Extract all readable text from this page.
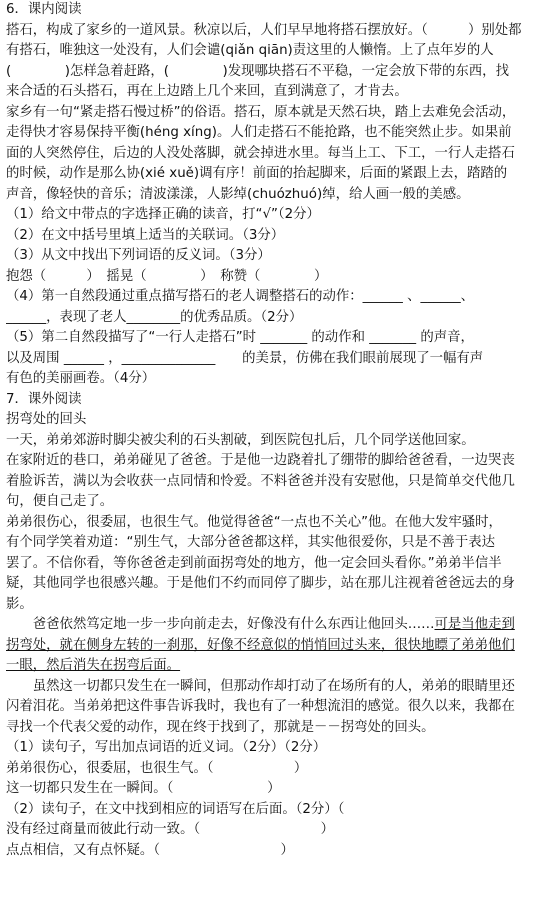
6．课内阅读
搭石，构成了家乡的一道风景。秋凉以后，人们早早地将搭石摆放好。（　　　）别处都
有搭石，唯独这一处没有，人们会谴(qiǎn qiān)责这里的人懒惰。上了点年岁的人
(　　　　)怎样急着赶路，(　　　　)发现哪块搭石不平稳，一定会放下带的东西，找
来合适的石头搭石，再在上边踏上几个来回，直到满意了，才肯去。
家乡有一句“紧走搭石慢过桥”的俗语。搭石，原本就是天然石块，踏上去难免会活动，
走得快才容易保持平衡(héng xíng)。人们走搭石不能抢路，也不能突然止步。如果前
面的人突然停住，后边的人没处落脚，就会掉进水里。每当上工、下工，一行人走搭石
的时候，动作是那么协(xié xuě)调有序！前面的抬起脚来，后面的紧跟上去，踏踏的
声音，像轻快的音乐；清波漾漾，人影绰(chuózhuó)绰，给人画一般的美感。
（1）给文中带点的字选择正确的读音，打“√”（2分）
（2）在文中括号里填上适当的关联词。（3分）
（3）从文中找出下列词语的反义词。（3分）
抱怨（　　　）　摇晃（　　　　）　称赞（　　　　）
（4）第一自然段通过重点描写搭石的老人调整搭石的动作：______ 、______、
______，表现了老人________的优秀品质。（2分）
（5）第二自然段描写了“一行人走搭石”时 _______ 的动作和 _______ 的声音，
以及周围 ______ ，______________　　的美景，仿佛在我们眼前展现了一幅有声
有色的美丽画卷。（4分）
7．课外阅读
拐弯处的回头
一天，弟弟郊游时脚尖被尖利的石头割破，到医院包扎后，几个同学送他回家。
在家附近的巷口，弟弟碰见了爸爸。于是他一边跷着扎了绷带的脚给爸爸看，一边哭丧
着脸诉苦，满以为会收获一点同情和怜爱。不料爸爸并没有安慰他，只是简单交代他几
句，便自己走了。
弟弟很伤心，很委屈，也很生气。他觉得爸爸“一点也不关心”他。在他大发牢骚时，
有个同学笑着劝道：“别生气，大部分爸爸都这样，其实他很爱你，只是不善于表达
罢了。不信你看，等你爸爸走到前面拐弯处的地方，他一定会回头看你。”弟弟半信半
疑，其他同学也很感兴趣。于是他们不约而同停了脚步，站在那儿注视着爸爸远去的身
影。
　　爸爸依然笃定地一步一步向前走去，好像没有什么东西让他回头……可是当他走到
拐弯处，就在侧身左转的一刹那，好像不经意似的悄悄回过头来，很快地瞟了弟弟他们
一眼，然后消失在拐弯后面。
　　虽然这一切都只发生在一瞬间，但那动作却打动了在场所有的人，弟弟的眼睛里还
闪着泪花。当弟弟把这件事告诉我时，我也有了一种想流泪的感觉。很久以来，我都在
寻找一个代表父爱的动作，现在终于找到了，那就是－－拐弯处的回头。
（1）读句子，写出加点词语的近义词。（2分）（2分）
弟弟很伤心，很委屈，也很生气。（　　　　　　）
这一切都只发生在一瞬间。（　　　　　　　）
（2）读句子，在文中找到相应的词语写在后面。（2分）（
没有经过商量而彼此行动一致。（　　　　　　　　　）
点点相信，又有点怀疑。（　　　　　　　　　）
